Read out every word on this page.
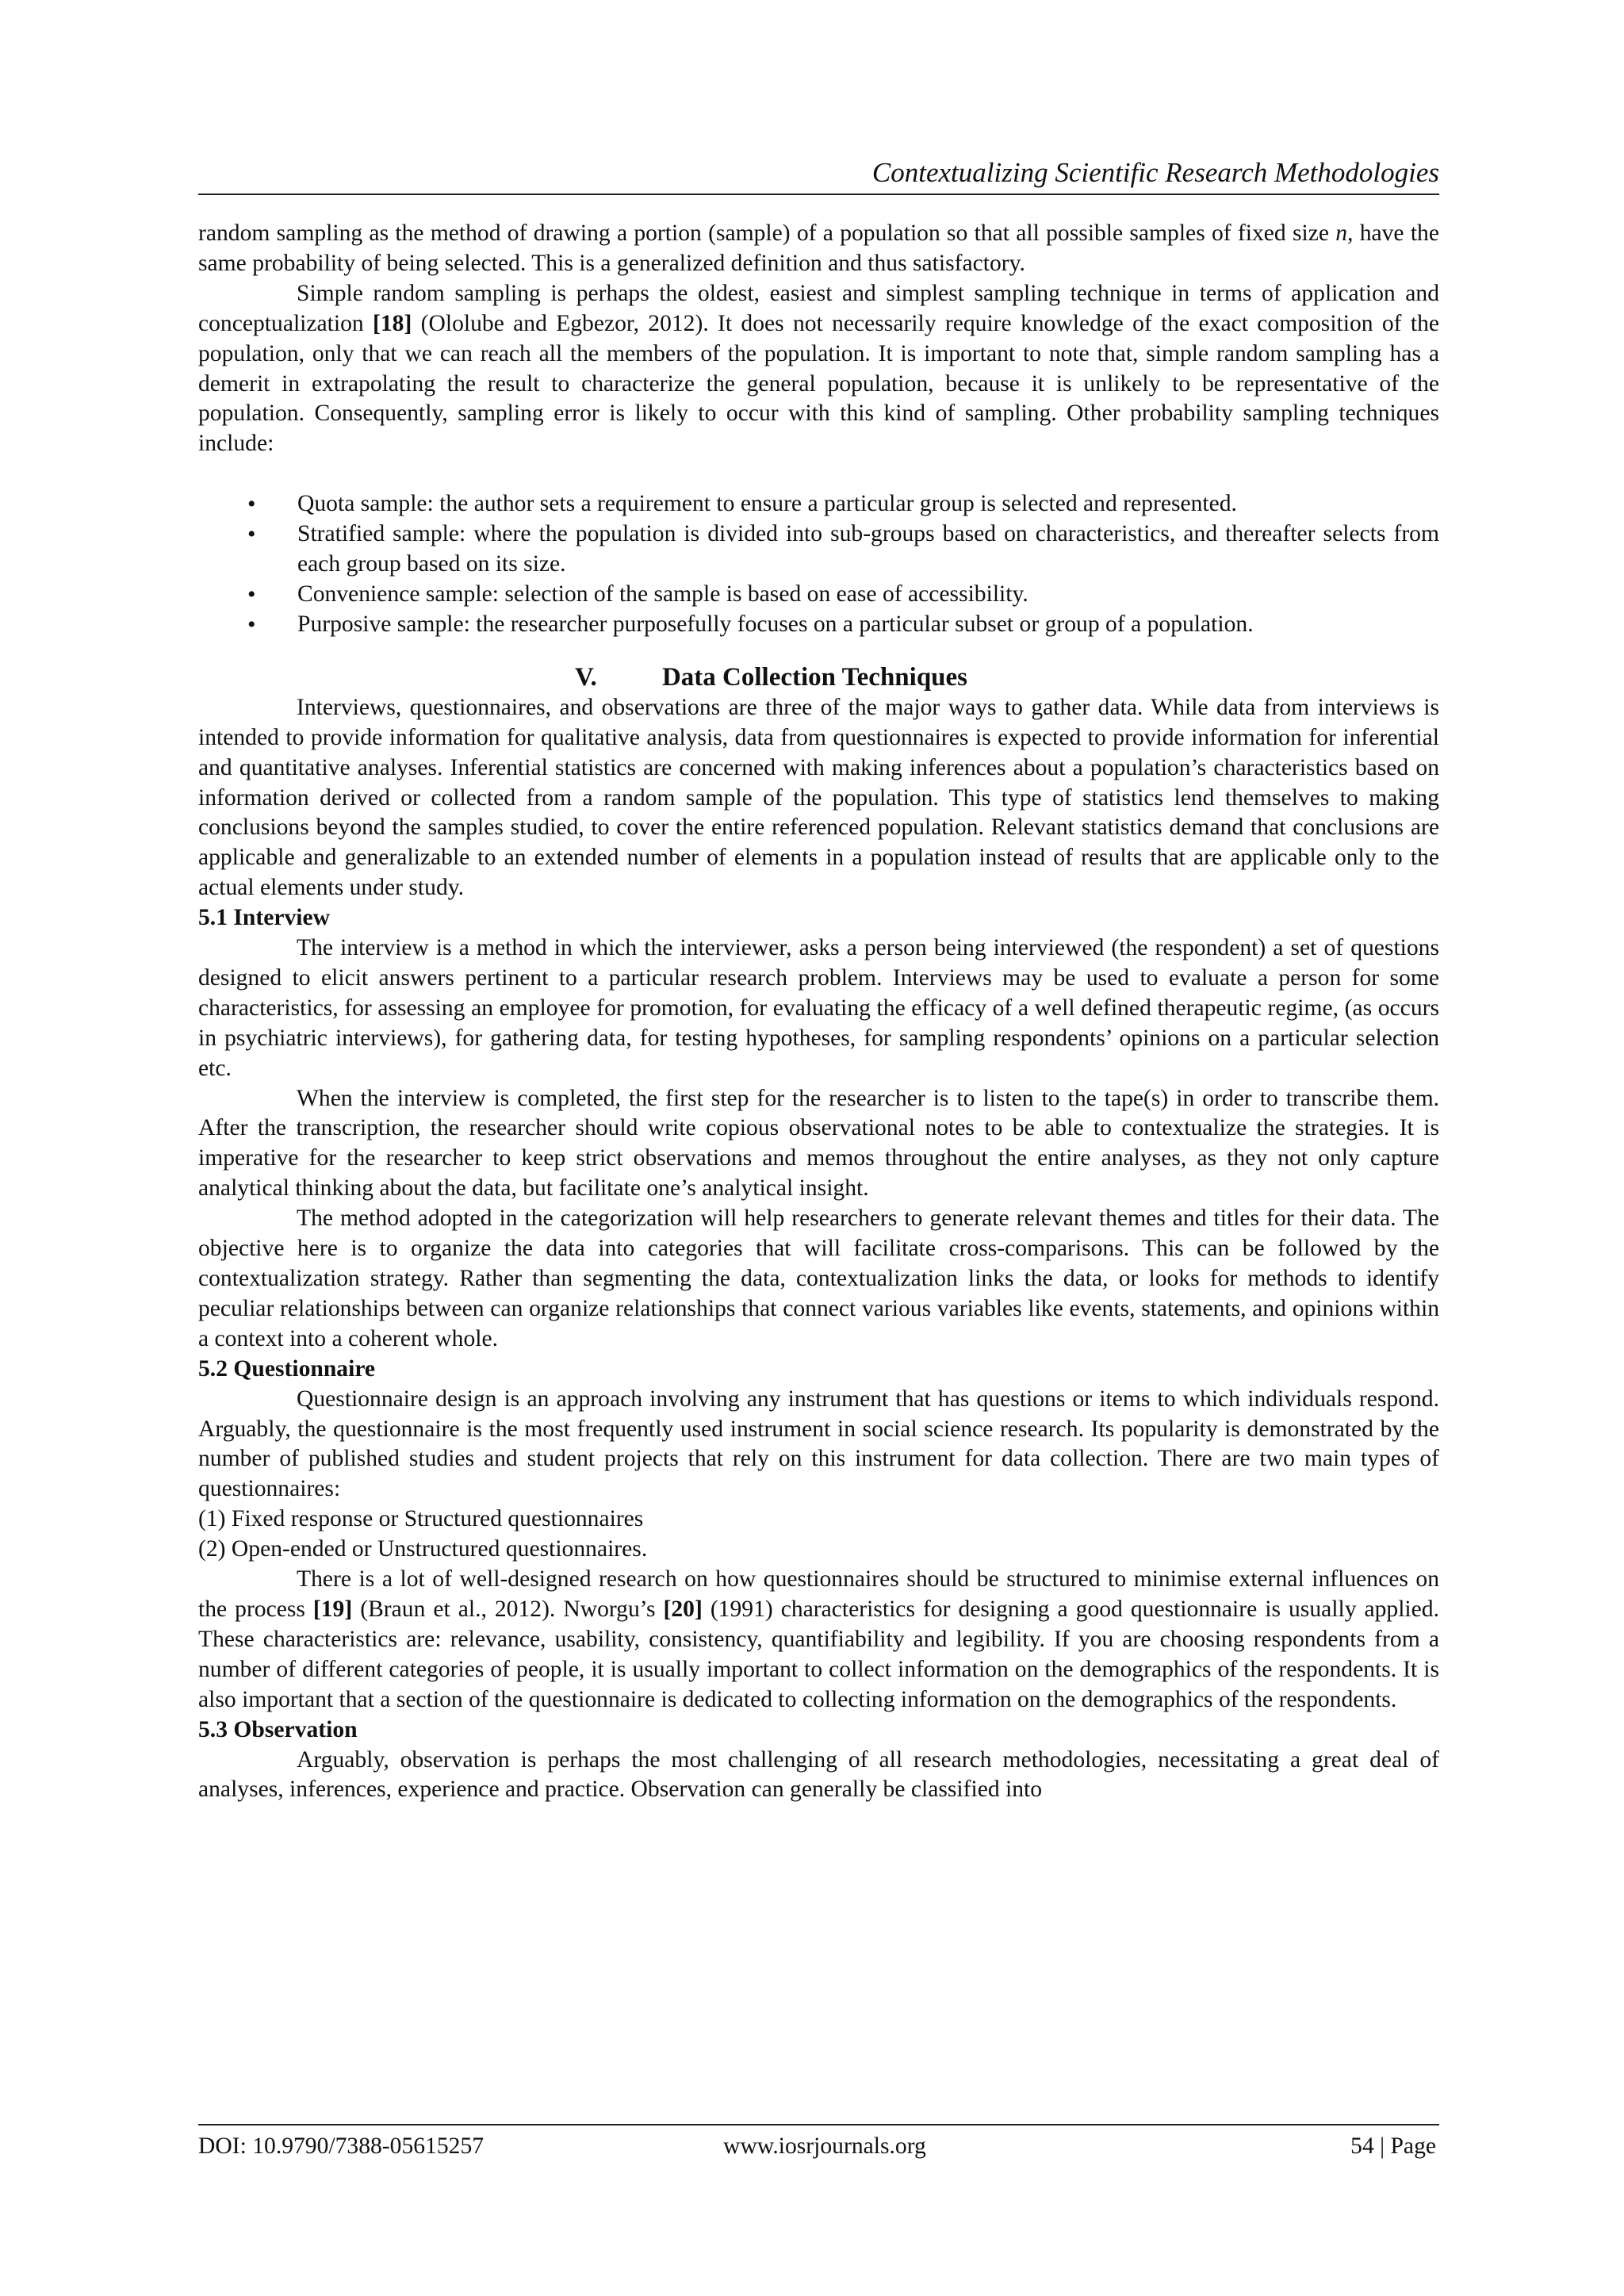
Contextualizing Scientific Research Methodologies

random sampling as the method of drawing a portion (sample) of a population so that all possible samples of fixed size n, have the same probability of being selected. This is a generalized definition and thus satisfactory.

Simple random sampling is perhaps the oldest, easiest and simplest sampling technique in terms of application and conceptualization [18] (Ololube and Egbezor, 2012). It does not necessarily require knowledge of the exact composition of the population, only that we can reach all the members of the population. It is important to note that, simple random sampling has a demerit in extrapolating the result to characterize the general population, because it is unlikely to be representative of the population. Consequently, sampling error is likely to occur with this kind of sampling. Other probability sampling techniques include:

• Quota sample: the author sets a requirement to ensure a particular group is selected and represented.
• Stratified sample: where the population is divided into sub-groups based on characteristics, and thereafter selects from each group based on its size.
• Convenience sample: selection of the sample is based on ease of accessibility.
• Purposive sample: the researcher purposefully focuses on a particular subset or group of a population.
V. Data Collection Techniques

Interviews, questionnaires, and observations are three of the major ways to gather data. While data from interviews is intended to provide information for qualitative analysis, data from questionnaires is expected to provide information for inferential and quantitative analyses. Inferential statistics are concerned with making inferences about a population’s characteristics based on information derived or collected from a random sample of the population. This type of statistics lend themselves to making conclusions beyond the samples studied, to cover the entire referenced population. Relevant statistics demand that conclusions are applicable and generalizable to an extended number of elements in a population instead of results that are applicable only to the actual elements under study.

5.1 Interview

The interview is a method in which the interviewer, asks a person being interviewed (the respondent) a set of questions designed to elicit answers pertinent to a particular research problem. Interviews may be used to evaluate a person for some characteristics, for assessing an employee for promotion, for evaluating the efficacy of a well defined therapeutic regime, (as occurs in psychiatric interviews), for gathering data, for testing hypotheses, for sampling respondents’ opinions on a particular selection etc.

When the interview is completed, the first step for the researcher is to listen to the tape(s) in order to transcribe them. After the transcription, the researcher should write copious observational notes to be able to contextualize the strategies. It is imperative for the researcher to keep strict observations and memos throughout the entire analyses, as they not only capture analytical thinking about the data, but facilitate one’s analytical insight.

The method adopted in the categorization will help researchers to generate relevant themes and titles for their data. The objective here is to organize the data into categories that will facilitate cross-comparisons. This can be followed by the contextualization strategy. Rather than segmenting the data, contextualization links the data, or looks for methods to identify peculiar relationships between can organize relationships that connect various variables like events, statements, and opinions within a context into a coherent whole.

5.2 Questionnaire

Questionnaire design is an approach involving any instrument that has questions or items to which individuals respond. Arguably, the questionnaire is the most frequently used instrument in social science research. Its popularity is demonstrated by the number of published studies and student projects that rely on this instrument for data collection. There are two main types of questionnaires:

(1) Fixed response or Structured questionnaires

(2) Open-ended or Unstructured questionnaires.

There is a lot of well-designed research on how questionnaires should be structured to minimise external influences on the process [19] (Braun et al., 2012). Nworgu’s [20] (1991) characteristics for designing a good questionnaire is usually applied. These characteristics are: relevance, usability, consistency, quantifiability and legibility. If you are choosing respondents from a number of different categories of people, it is usually important to collect information on the demographics of the respondents. It is also important that a section of the questionnaire is dedicated to collecting information on the demographics of the respondents.

5.3 Observation

Arguably, observation is perhaps the most challenging of all research methodologies, necessitating a great deal of analyses, inferences, experience and practice. Observation can generally be classified into

DOI: 10.9790/7388-05615257	www.iosrjournals.org	54 | Page
